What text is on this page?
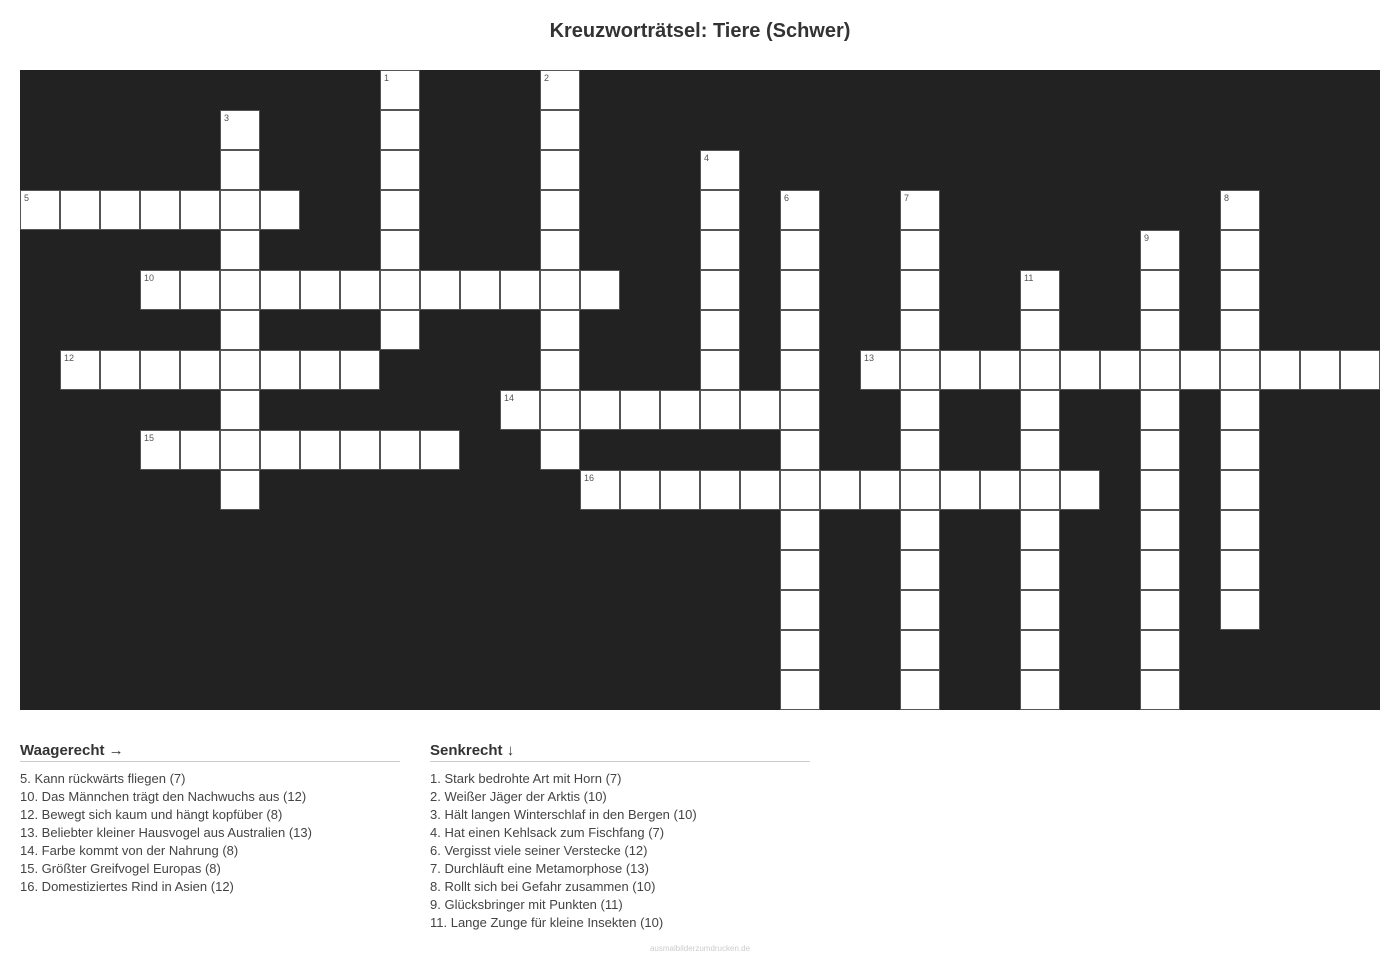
Kreuzworträtsel: Tiere (Schwer)
1	2
3
4
5	6	7	8
9
10	11
12	13
14
15
16
Waagerecht →
5. Kann rückwärts fliegen (7)
10. Das Männchen trägt den Nachwuchs aus (12)
12. Bewegt sich kaum und hängt kopfüber (8)
13. Beliebter kleiner Hausvogel aus Australien (13)
14. Farbe kommt von der Nahrung (8)
15. Größter Greifvogel Europas (8)
16. Domestiziertes Rind in Asien (12)
Senkrecht ↓
1. Stark bedrohte Art mit Horn (7)
2. Weißer Jäger der Arktis (10)
3. Hält langen Winterschlaf in den Bergen (10)
4. Hat einen Kehlsack zum Fischfang (7)
6. Vergisst viele seiner Verstecke (12)
7. Durchläuft eine Metamorphose (13)
8. Rollt sich bei Gefahr zusammen (10)
9. Glücksbringer mit Punkten (11)
11. Lange Zunge für kleine Insekten (10)
ausmalbilderzumdrucken.de
